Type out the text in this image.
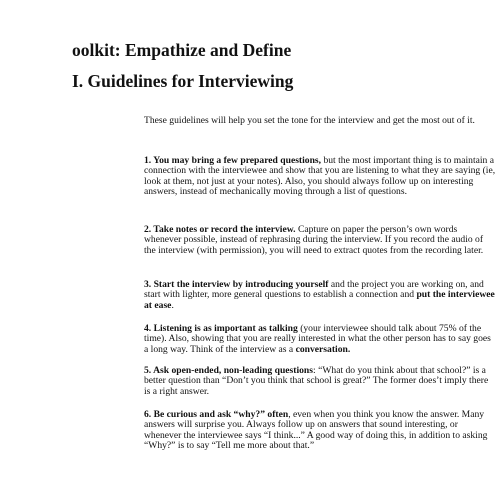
oolkit: Empathize and Define
I. Guidelines for Interviewing

These guidelines will help you set the tone for the interview and get the most out of it.

1. You may bring a few prepared questions, but the most important thing is to maintain a connection with the interviewee and show that you are listening to what they are saying (ie, look at them, not just at your notes). Also, you should always follow up on interesting answers, instead of mechanically moving through a list of questions.

2. Take notes or record the interview. Capture on paper the person’s own words whenever possible, instead of rephrasing during the interview. If you record the audio of the interview (with permission), you will need to extract quotes from the recording later.

3. Start the interview by introducing yourself and the project you are working on, and start with lighter, more general questions to establish a connection and put the interviewee at ease.

4. Listening is as important as talking (your interviewee should talk about 75% of the time). Also, showing that you are really interested in what the other person has to say goes a long way. Think of the interview as a conversation.

5. Ask open-ended, non-leading questions: “What do you think about that school?” is a better question than “Don’t you think that school is great?” The former does’t imply there is a right answer.

6. Be curious and ask “why?” often, even when you think you know the answer. Many answers will surprise you. Always follow up on answers that sound interesting, or whenever the interviewee says “I think...” A good way of doing this, in addition to asking “Why?” is to say “Tell me more about that.”
